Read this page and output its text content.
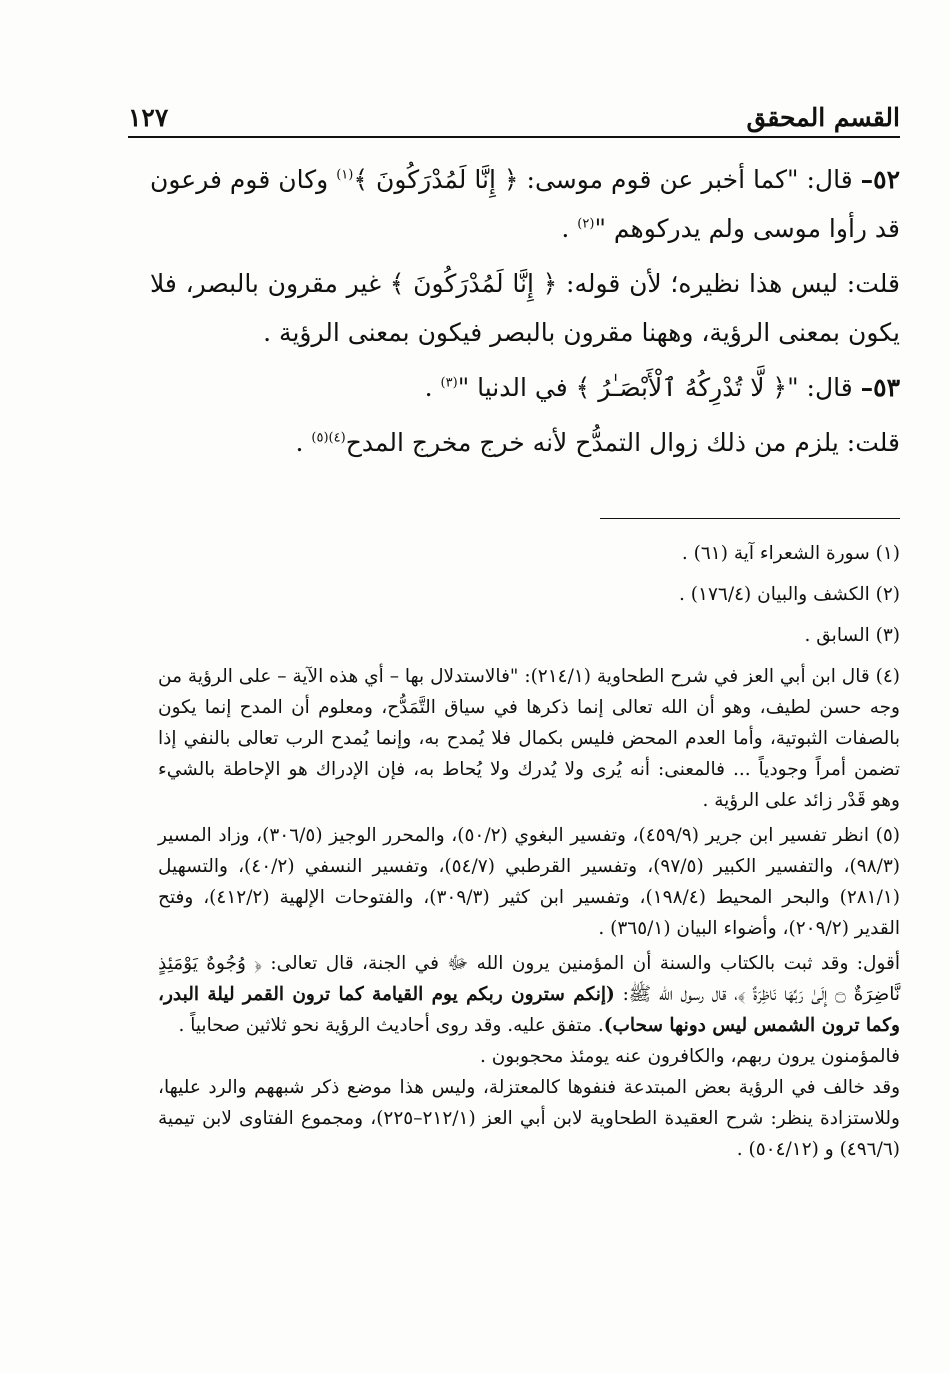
القسم المحقق
١٢٧

٥٢– قال: "كما أخبر عن قوم موسى: ﴿ إِنَّا لَمُدْرَكُونَ ﴾$^{(١)}$ وكان قوم فرعون قد رأوا موسى ولم يدركوهم "$^{(٢)}$ .

قلت: ليس هذا نظيره؛ لأن قوله: ﴿ إِنَّا لَمُدْرَكُونَ ﴾ غير مقرون بالبصر، فلا يكون بمعنى الرؤية، وههنا مقرون بالبصر فيكون بمعنى الرؤية .

٥٣– قال: "﴿ لَّا تُدْرِكُهُ ٱلْأَبْصَـٰرُ ﴾ في الدنيا "$^{(٣)}$ .

قلت: يلزم من ذلك زوال التمدُّح لأنه خرج مخرج المدح$^{(٤)(٥)}$ .

(١) سورة الشعراء آية (٦١) .

(٢) الكشف والبيان (١٧٦/٤) .

(٣) السابق .

(٤) قال ابن أبي العز في شرح الطحاوية (٢١٤/١): "فالاستدلال بها – أي هذه الآية – على الرؤية من وجه حسن لطيف، وهو أن الله تعالى إنما ذكرها في سياق التَّمَدُّح، ومعلوم أن المدح إنما يكون بالصفات الثبوتية، وأما العدم المحض فليس بكمال فلا يُمدح به، وإنما يُمدح الرب تعالى بالنفي إذا تضمن أمراً وجودياً ... فالمعنى: أنه يُرى ولا يُدرك ولا يُحاط به، فإن الإدراك هو الإحاطة بالشيء وهو قَدْر زائد على الرؤية .

(٥) انظر تفسير ابن جرير (٤٥٩/٩)، وتفسير البغوي (٥٠/٢)، والمحرر الوجيز (٣٠٦/٥)، وزاد المسير (٩٨/٣)، والتفسير الكبير (٩٧/٥)، وتفسير القرطبي (٥٤/٧)، وتفسير النسفي (٤٠/٢)، والتسهيل (٢٨١/١) والبحر المحيط (١٩٨/٤)، وتفسير ابن كثير (٣٠٩/٣)، والفتوحات الإلهية (٤١٢/٢)، وفتح القدير (٢٠٩/٢)، وأضواء البيان (٣٦٥/١) .

أقول: وقد ثبت بالكتاب والسنة أن المؤمنين يرون الله ﷻ في الجنة، قال تعالى: ﴿ وُجُوهٌ يَوْمَئِذٍ نَّاضِرَةٌ ۝ إِلَىٰ رَبِّهَا نَاظِرَةٌ ﴾، قال رسول الله ﷺ: (إنكم سترون ربكم يوم القيامة كما ترون القمر ليلة البدر، وكما ترون الشمس ليس دونها سحاب). متفق عليه. وقد روى أحاديث الرؤية نحو ثلاثين صحابياً .

فالمؤمنون يرون ربهم، والكافرون عنه يومئذ محجوبون .

وقد خالف في الرؤية بعض المبتدعة فنفوها كالمعتزلة، وليس هذا موضع ذكر شبههم والرد عليها، وللاستزادة ينظر: شرح العقيدة الطحاوية لابن أبي العز (٢١٢/١–٢٢٥)، ومجموع الفتاوى لابن تيمية (٤٩٦/٦) و (٥٠٤/١٢) .
